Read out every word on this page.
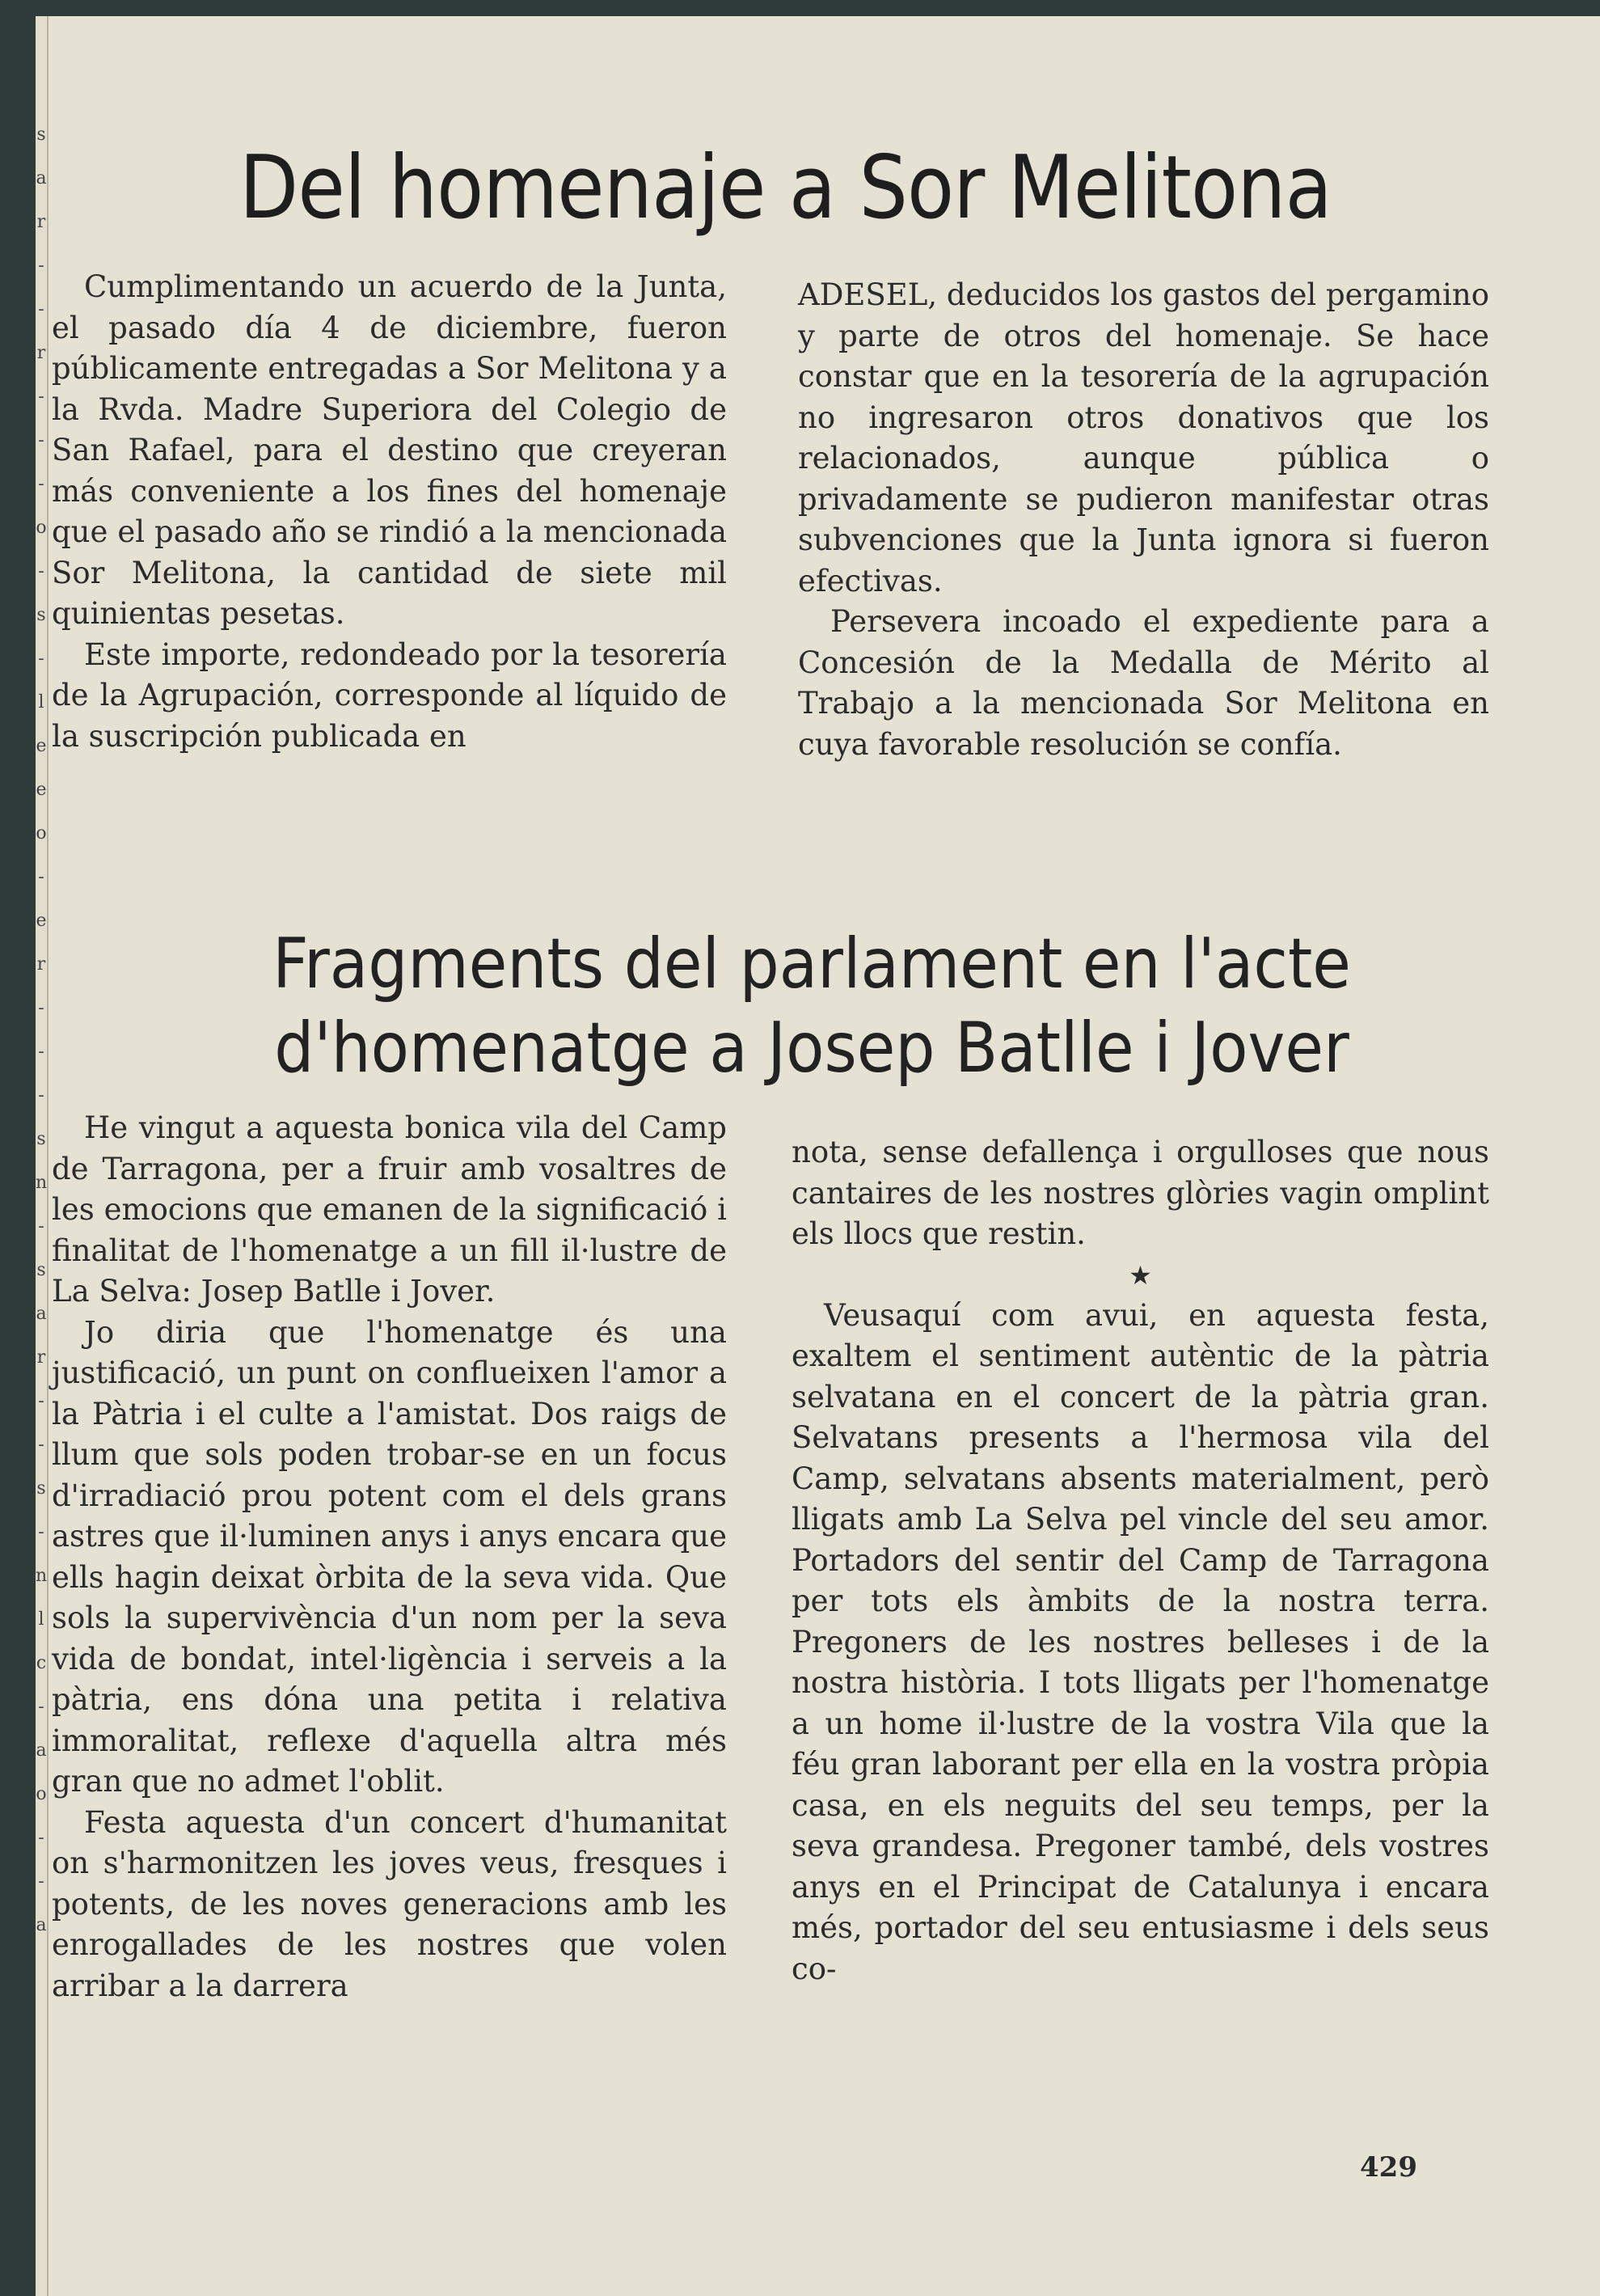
s
a
r
-
-
r
-
-
-
o
-
s
-
l
e
e
o
-
e
r
-
-
-
s
n
-
s
a
r
-
-
s
-
n
l
c
-
a
o
-
-
a
Del homenaje a Sor Melitona

Cumplimentando un acuerdo de la Junta, el pasado día 4 de diciembre, fueron públicamente entregadas a Sor Melitona y a la Rvda. Madre Superiora del Colegio de San Rafael, para el destino que creyeran más conveniente a los fines del homenaje que el pasado año se rindió a la mencionada Sor Melitona, la cantidad de siete mil quinientas pesetas.

Este importe, redondeado por la tesorería de la Agrupación, corresponde al líquido de la suscripción publicada en

ADESEL, deducidos los gastos del pergamino y parte de otros del homenaje. Se hace constar que en la tesorería de la agrupación no ingresaron otros donativos que los relacionados, aunque pública o privadamente se pudieron manifestar otras subvenciones que la Junta ignora si fueron efectivas.

Persevera incoado el expediente para a Concesión de la Medalla de Mérito al Trabajo a la mencionada Sor Melitona en cuya favorable resolución se confía.

Fragments del parlament en l'acte
d'homenatge a Josep Batlle i Jover

He vingut a aquesta bonica vila del Camp de Tarragona, per a fruir amb vosaltres de les emocions que emanen de la significació i finalitat de l'homenatge a un fill il·lustre de La Selva: Josep Batlle i Jover.

Jo diria que l'homenatge és una justificació, un punt on conflueixen l'amor a la Pàtria i el culte a l'amistat. Dos raigs de llum que sols poden trobar-se en un focus d'irradiació prou potent com el dels grans astres que il·luminen anys i anys encara que ells hagin deixat òrbita de la seva vida. Que sols la supervivència d'un nom per la seva vida de bondat, intel·ligència i serveis a la pàtria, ens dóna una petita i relativa immoralitat, reflexe d'aquella altra més gran que no admet l'oblit.

Festa aquesta d'un concert d'humanitat on s'harmonitzen les joves veus, fresques i potents, de les noves generacions amb les enrogallades de les nostres que volen arribar a la darrera

nota, sense defallença i orgulloses que nous cantaires de les nostres glòries vagin omplint els llocs que restin.

★

Veusaquí com avui, en aquesta festa, exaltem el sentiment autèntic de la pàtria selvatana en el concert de la pàtria gran. Selvatans presents a l'hermosa vila del Camp, selvatans absents materialment, però lligats amb La Selva pel vincle del seu amor. Portadors del sentir del Camp de Tarragona per tots els àmbits de la nostra terra. Pregoners de les nostres belleses i de la nostra història. I tots lligats per l'homenatge a un home il·lustre de la vostra Vila que la féu gran laborant per ella en la vostra pròpia casa, en els neguits del seu temps, per la seva grandesa. Pregoner també, dels vostres anys en el Principat de Catalunya i encara més, portador del seu entusiasme i dels seus co-

429
